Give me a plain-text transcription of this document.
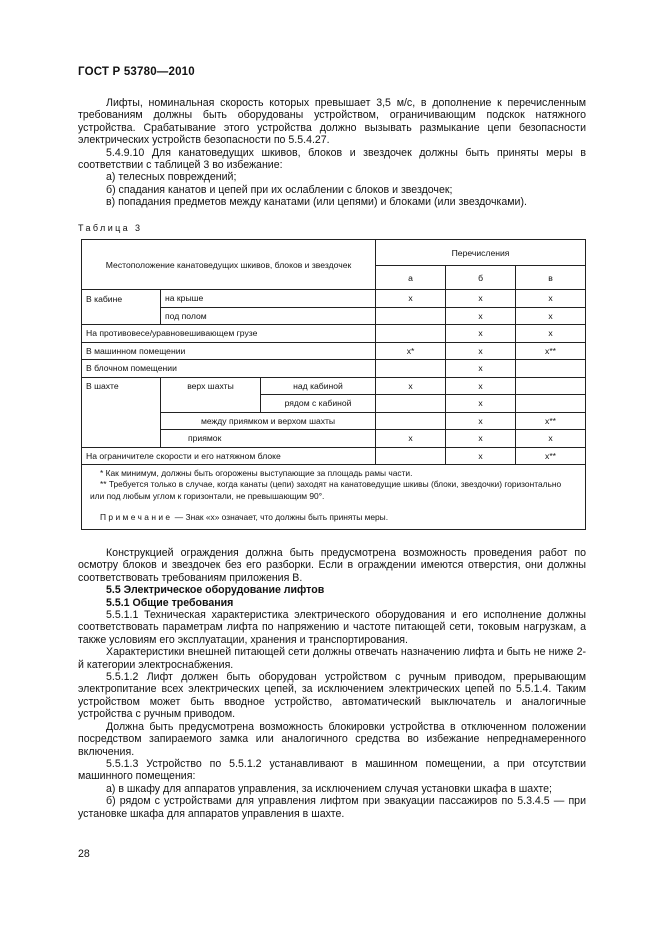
ГОСТ Р 53780—2010

Лифты, номинальная скорость которых превышает 3,5 м/с, в дополнение к перечисленным требованиям должны быть оборудованы устройством, ограничивающим подскок натяжного устройства. Срабатывание этого устройства должно вызывать размыкание цепи безопасности электрических устройств безопасности по 5.5.4.27.

5.4.9.10 Для канатоведущих шкивов, блоков и звездочек должны быть приняты меры в соответствии с таблицей 3 во избежание:

а) телесных повреждений;

б) спадания канатов и цепей при их ослаблении с блоков и звездочек;

в) попадания предметов между канатами (или цепями) и блоками (или звездочками).

Таблица 3
Местоположение канатоведущих шкивов, блоков и звездочек			Перечисления		
			а	б	в
В кабине	на крыше		x	x	x
	под полом			x	x
На противовесе/уравновешивающем грузе				x	x
В машинном помещении			x*	x	x**
В блочном помещении				x	
В шахте	верх шахты	над кабиной	x	x	
		рядом с кабиной		x	
	между приямком и верхом шахты			x	x**
	приямок		x	x	x
На ограничителе скорости и его натяжном блоке				x	x**

* Как минимум, должны быть огорожены выступающие за площадь рамы части.

** Требуется только в случае, когда канаты (цепи) заходят на канатоведущие шкивы (блоки, звездочки) горизонтально или под любым углом к горизонтали, не превышающим 90°.

Примечание — Знак «x» означает, что должны быть приняты меры.					

Конструкцией ограждения должна быть предусмотрена возможность проведения работ по осмотру блоков и звездочек без его разборки. Если в ограждении имеются отверстия, они должны соответствовать требованиям приложения В.

5.5 Электрическое оборудование лифтов

5.5.1 Общие требования

5.5.1.1 Техническая характеристика электрического оборудования и его исполнение должны соответствовать параметрам лифта по напряжению и частоте питающей сети, токовым нагрузкам, а также условиям его эксплуатации, хранения и транспортирования.

Характеристики внешней питающей сети должны отвечать назначению лифта и быть не ниже 2-й категории электроснабжения.

5.5.1.2 Лифт должен быть оборудован устройством с ручным приводом, прерывающим электропитание всех электрических цепей, за исключением электрических цепей по 5.5.1.4. Таким устройством может быть вводное устройство, автоматический выключатель и аналогичные устройства с ручным приводом.

Должна быть предусмотрена возможность блокировки устройства в отключенном положении посредством запираемого замка или аналогичного средства во избежание непреднамеренного включения.

5.5.1.3 Устройство по 5.5.1.2 устанавливают в машинном помещении, а при отсутствии машинного помещения:

а) в шкафу для аппаратов управления, за исключением случая установки шкафа в шахте;

б) рядом с устройствами для управления лифтом при эвакуации пассажиров по 5.3.4.5 — при установке шкафа для аппаратов управления в шахте.

28
